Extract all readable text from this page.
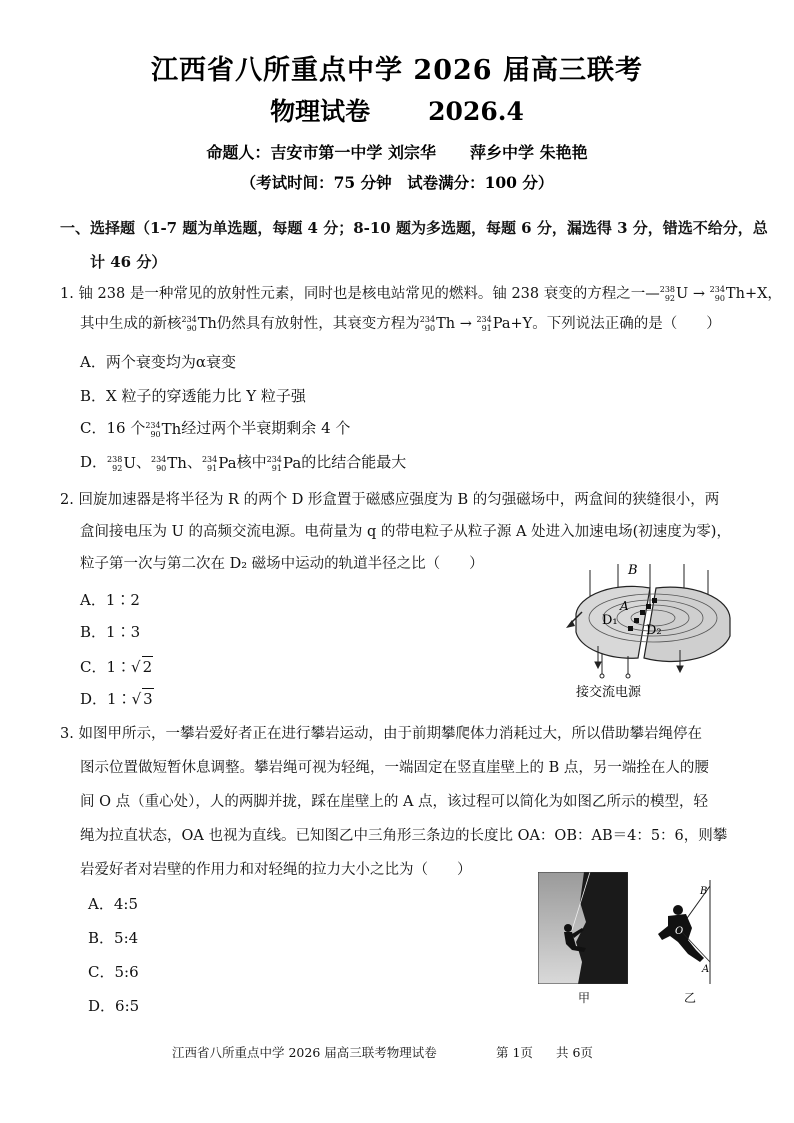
江西省八所重点中学 2026 届高三联考
物理试卷 2026.4
命题人：吉安市第一中学 刘宗华 萍乡中学 朱艳艳
（考试时间：75 分钟　试卷满分：100 分）
一、选择题（1-7 题为单选题，每题 4 分；8-10 题为多选题，每题 6 分，漏选得 3 分，错选不给分，总
计 46 分）
1. 铀 238 是一种常见的放射性元素，同时也是核电站常见的燃料。铀 238 衰变的方程之一— 238
92 U → 234
90 Th+X，
其中生成的新核 234
90 Th仍然具有放射性，其衰变方程为 234
90 Th → 234
91 Pa+Y。下列说法正确的是（　　）
A．两个衰变均为α衰变
B．X 粒子的穿透能力比 Y 粒子强
C．16 个 234
90 Th经过两个半衰期剩余 4 个
D． 238
92 U、 234
90 Th、 234
91 Pa核中 234
91 Pa的比结合能最大
2. 回旋加速器是将半径为 R 的两个 D 形盒置于磁感应强度为 B 的匀强磁场中，两盒间的狭缝很小，两
盒间接电压为 U 的高频交流电源。电荷量为 q 的带电粒子从粒子源 A 处进入加速电场(初速度为零)，
粒子第一次与第二次在 D₂ 磁场中运动的轨道半径之比（　　）
A．1∶2
B．1∶3
C．1∶√ 2
D．1∶√ 3
B
A
D₁
D₂
接交流电源
3. 如图甲所示，一攀岩爱好者正在进行攀岩运动，由于前期攀爬体力消耗过大，所以借助攀岩绳停在
图示位置做短暂休息调整。攀岩绳可视为轻绳，一端固定在竖直崖壁上的 B 点，另一端拴在人的腰
间 O 点（重心处），人的两脚并拢，踩在崖壁上的 A 点，该过程可以简化为如图乙所示的模型，轻
绳为拉直状态，OA 也视为直线。已知图乙中三角形三条边的长度比 OA：OB：AB＝4：5：6，则攀
岩爱好者对岩壁的作用力和对轻绳的拉力大小之比为（　　）
A．4:5
B．5:4
C．5:6
D．6:5	甲
B
O
A
乙
江西省八所重点中学 2026 届高三联考物理试卷	第 1页 共 6页
